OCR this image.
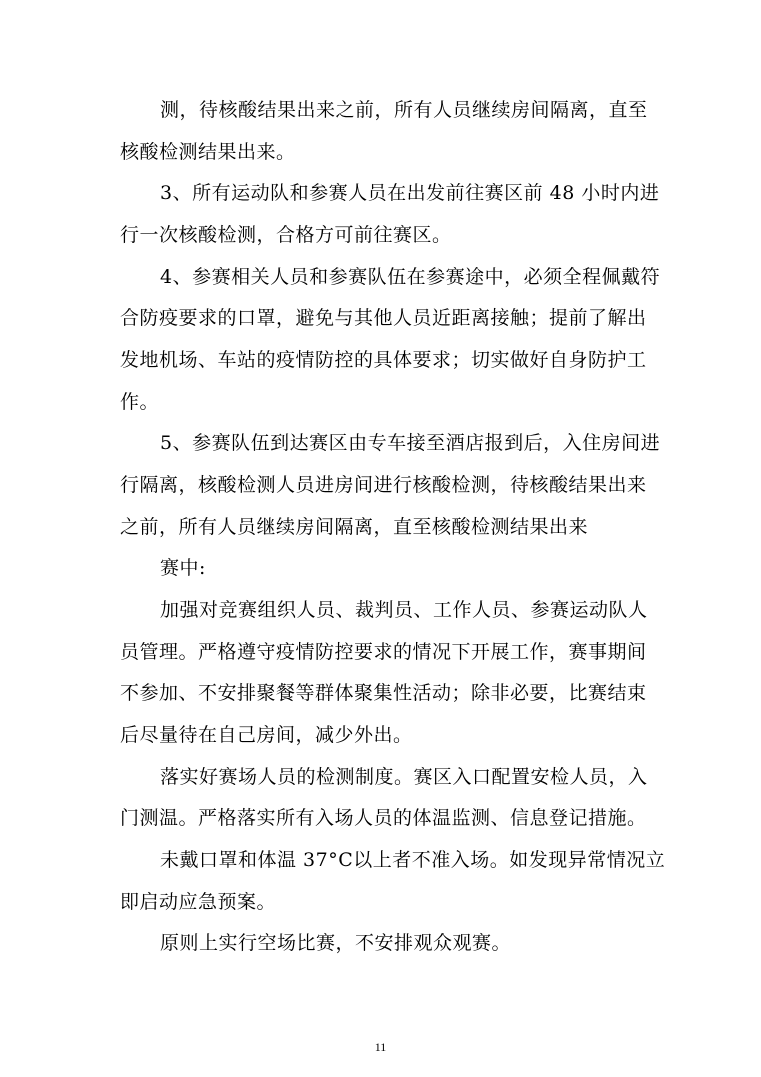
测，待核酸结果出来之前，所有人员继续房间隔离，直至
核酸检测结果出来。
3、所有运动队和参赛人员在出发前往赛区前 48 小时内进
行一次核酸检测，合格方可前往赛区。
4、参赛相关人员和参赛队伍在参赛途中，必须全程佩戴符
合防疫要求的口罩，避免与其他人员近距离接触；提前了解出
发地机场、车站的疫情防控的具体要求；切实做好自身防护工
作。
5、参赛队伍到达赛区由专车接至酒店报到后，入住房间进
行隔离，核酸检测人员进房间进行核酸检测，待核酸结果出来
之前，所有人员继续房间隔离，直至核酸检测结果出来
赛中:
加强对竞赛组织人员、裁判员、工作人员、参赛运动队人
员管理。严格遵守疫情防控要求的情况下开展工作，赛事期间
不参加、不安排聚餐等群体聚集性活动；除非必要，比赛结束
后尽量待在自己房间，减少外出。
落实好赛场人员的检测制度。赛区入口配置安检人员，入
门测温。严格落实所有入场人员的体温监测、信息登记措施。
未戴口罩和体温 37°C以上者不准入场。如发现异常情况立
即启动应急预案。
原则上实行空场比赛，不安排观众观赛。
11
